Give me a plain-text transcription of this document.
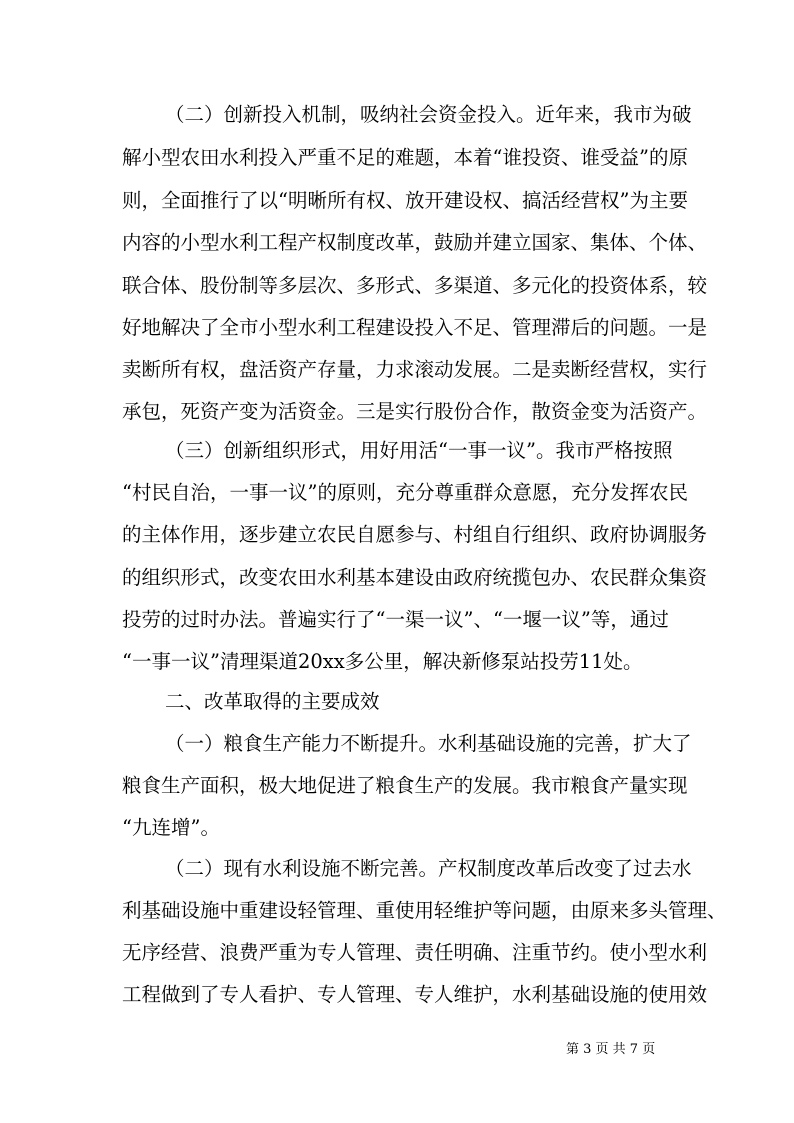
（二）创新投入机制，吸纳社会资金投入。近年来，我市为破
解小型农田水利投入严重不足的难题，本着“谁投资、谁受益”的原
则，全面推行了以“明晰所有权、放开建设权、搞活经营权”为主要
内容的小型水利工程产权制度改革，鼓励并建立国家、集体、个体、
联合体、股份制等多层次、多形式、多渠道、多元化的投资体系，较
好地解决了全市小型水利工程建设投入不足、管理滞后的问题。一是
卖断所有权，盘活资产存量，力求滚动发展。二是卖断经营权，实行
承包，死资产变为活资金。三是实行股份合作，散资金变为活资产。
（三）创新组织形式，用好用活“一事一议”。我市严格按照
“村民自治，一事一议”的原则，充分尊重群众意愿，充分发挥农民
的主体作用，逐步建立农民自愿参与、村组自行组织、政府协调服务
的组织形式，改变农田水利基本建设由政府统揽包办、农民群众集资
投劳的过时办法。普遍实行了“一渠一议”、“一堰一议”等，通过
“一事一议”清理渠道20xx多公里，解决新修泵站投劳11处。
二、改革取得的主要成效
（一）粮食生产能力不断提升。水利基础设施的完善，扩大了
粮食生产面积，极大地促进了粮食生产的发展。我市粮食产量实现
“九连增”。
（二）现有水利设施不断完善。产权制度改革后改变了过去水
利基础设施中重建设轻管理、重使用轻维护等问题，由原来多头管理、
无序经营、浪费严重为专人管理、责任明确、注重节约。使小型水利
工程做到了专人看护、专人管理、专人维护，水利基础设施的使用效
第 3 页 共 7 页
